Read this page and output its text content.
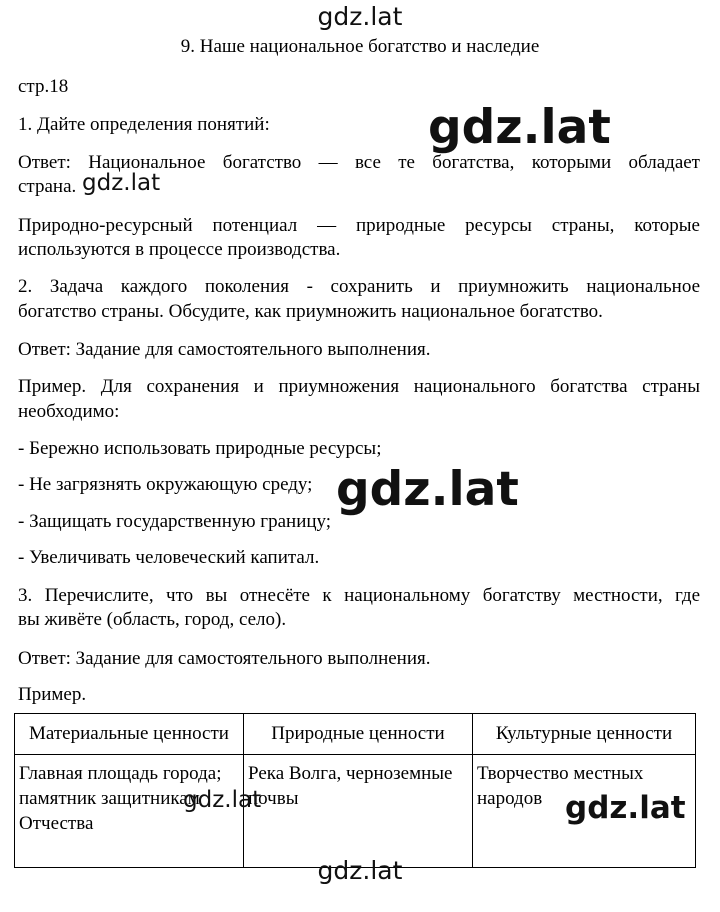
gdz.lat
9. Наше национальное богатство и наследие
стр.18
1. Дайте определения понятий:
Ответ: Национальное богатство — все те богатства, которыми обладает
страна.
Природно-ресурсный потенциал — природные ресурсы страны, которые
используются в процессе производства.
2. Задача каждого поколения - сохранить и приумножить национальное
богатство страны. Обсудите, как приумножить национальное богатство.
Ответ: Задание для самостоятельного выполнения.
Пример. Для сохранения и приумножения национального богатства страны
необходимо:
- Бережно использовать природные ресурсы;
- Не загрязнять окружающую среду;
- Защищать государственную границу;
- Увеличивать человеческий капитал.
3. Перечислите, что вы отнесёте к национальному богатству местности, где
вы живёте (область, город, село).
Ответ: Задание для самостоятельного выполнения.
Пример.
Материальные ценности	Природные ценности	Культурные ценности
Главная площадь города; памятник защитникам Отчества	Река Волга, черноземные почвы	Творчество местных народов
gdz.lat
gdz.lat
gdz.lat
gdz.lat	gdz.lat
gdz.lat
